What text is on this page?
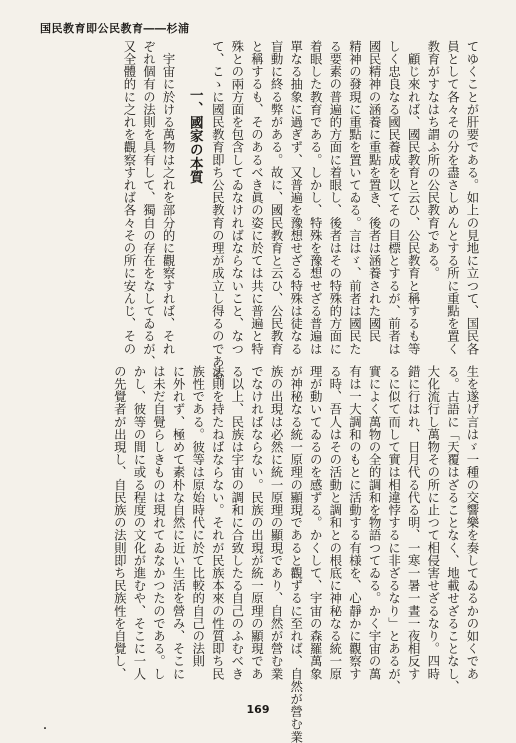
国民教育即公民教育――杉浦
てゆくことが肝要である。如上の見地に立つて、国民各
員として各々その分を盡さしめんとする所に重點を置く
教育がすなはち謂ふ所の公民教育である。
　顧じ來れば、國民教育と云ひ、公民教育と稱するも等
しく忠良なる國民養成を以てその目標とするが、前者は
國民精神の涵養に重點を置き、後者は涵養された國民
精神の發現に重點を置いてゐる。言はゞ、前者は國民た
る要素の普遍的方面に着眼し、後者はその特殊的方面に
着眼した教育である。しかし、特殊を豫想せざる普遍は
單なる抽象に過ぎず、又普遍を豫想せざる特殊は徒なる
盲動に終る弊がある。故に、國民教育と云ひ、公民教育
と稱するも、そのあるべき眞の姿に於ては共に普遍と特
殊との兩方面を包含してゐなければならないこと、なつ
て、こゝに國民教育即ち公民教育の理が成立し得るのである。
一、國家の本質
　宇宙に於ける萬物は之れを部分的に觀察すれば、それ
ぞれ個有の法則を具有して、獨自の存在をなしてゐるが、
又全體的に之れを觀察すれば各々その所に安んじ、その
生を遂げ言はゞ一種の交響樂を奏してゐるかの如くであ
る。古語に「天覆はざることなく、地載せざることなし、
大化流行し萬物その所に止つて相侵害せざるなり。四時
錯に行はれ、日月代る代る明、一寒一暑一晝一夜相反す
るに似て而して實は相違悖するに非ざるなり」とあるが、
實によく萬物の全的調和を物語つてゐる。かく宇宙の萬
有は一大調和のもとに活動する有様を、心靜かに觀察す
る時、吾人はその活動と調和との根底に神秘なる統一原
理が動いてゐるのを感ずる。かくして、宇宙の森羅萬象
が神秘なる統一原理の顯現であると觀ずるに至れば、自然が營む業
族の出現は必然に統一原理の顯現であり、自然が營む業
でなければならない。民族の出現が統一原理の顯現であ
る以上、民族は宇宙の調和に合致したる自己のふむべき
法則を持たねばならない。それが民族本來の性質即ち民
族性である。彼等は原始時代に於て比較的自己の法則
に外れず、極めて素朴な自然に近い生活を營み、そこに
は未だ自覺らしきものは現れてゐなかつたのである。し
かし、彼等の間に或る程度の文化が進むや、そこに一人
の先覺者が出現し、自民族の法則即ち民族性を自覺し、
169
・
